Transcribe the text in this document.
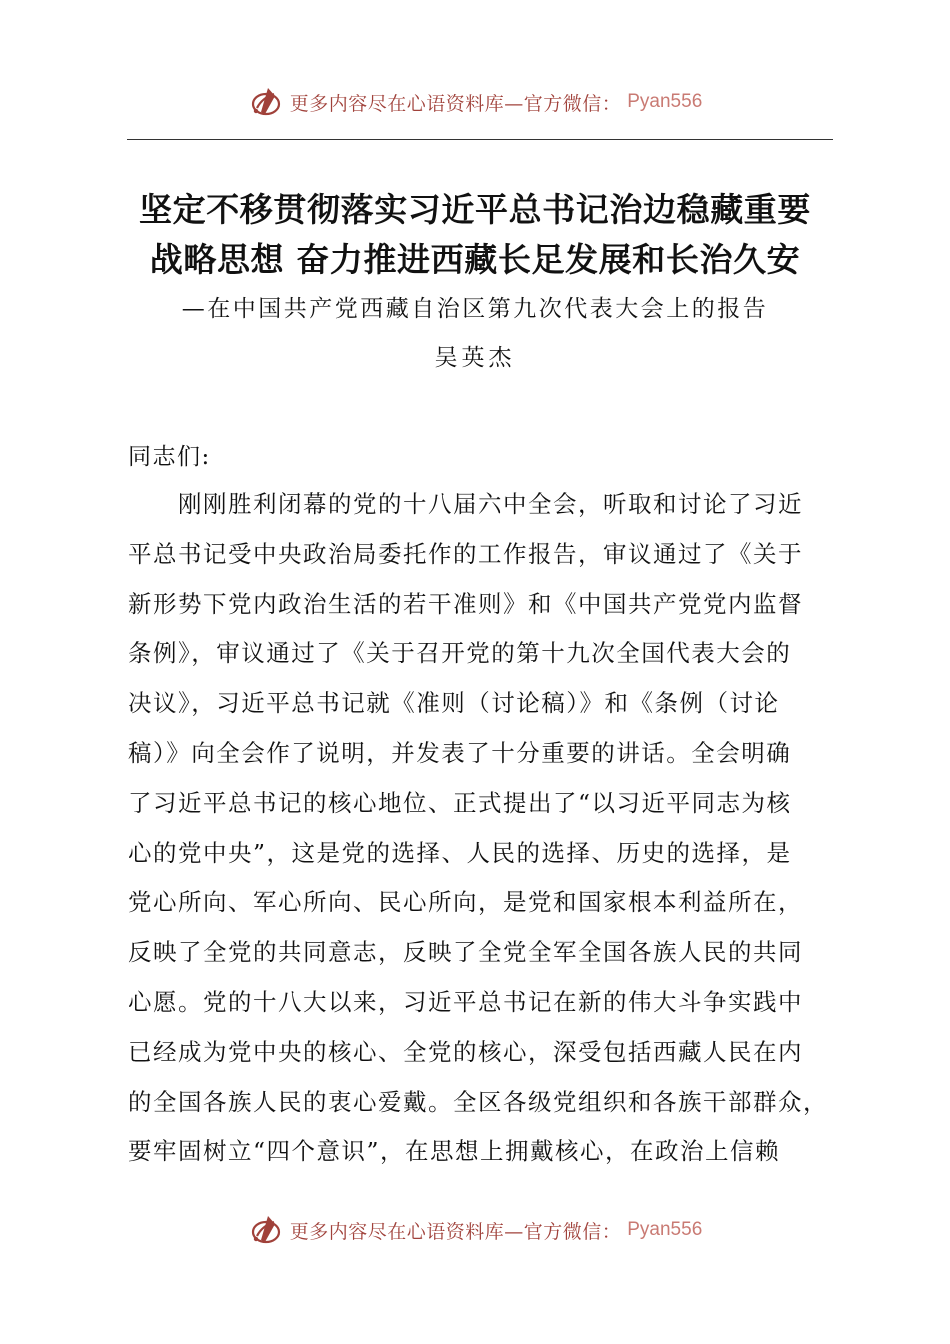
更多内容尽在心语资料库—官方微信： Pyan556
坚定不移贯彻落实习近平总书记治边稳藏重要
战略思想 奋力推进西藏长足发展和长治久安
—在中国共产党西藏自治区第九次代表大会上的报告
吴英杰
同志们:
刚刚胜利闭幕的党的十八届六中全会，听取和讨论了习近
平总书记受中央政治局委托作的工作报告，审议通过了《关于
新形势下党内政治生活的若干准则》和《中国共产党党内监督
条例》，审议通过了《关于召开党的第十九次全国代表大会的
决议》，习近平总书记就《准则（讨论稿）》和《条例（讨论
稿）》向全会作了说明，并发表了十分重要的讲话。全会明确
了习近平总书记的核心地位、正式提出了“以习近平同志为核
心的党中央”，这是党的选择、人民的选择、历史的选择，是
党心所向、军心所向、民心所向，是党和国家根本利益所在，
反映了全党的共同意志，反映了全党全军全国各族人民的共同
心愿。党的十八大以来，习近平总书记在新的伟大斗争实践中
已经成为党中央的核心、全党的核心，深受包括西藏人民在内
的全国各族人民的衷心爱戴。全区各级党组织和各族干部群众，
要牢固树立“四个意识”，在思想上拥戴核心，在政治上信赖
更多内容尽在心语资料库—官方微信： Pyan556
